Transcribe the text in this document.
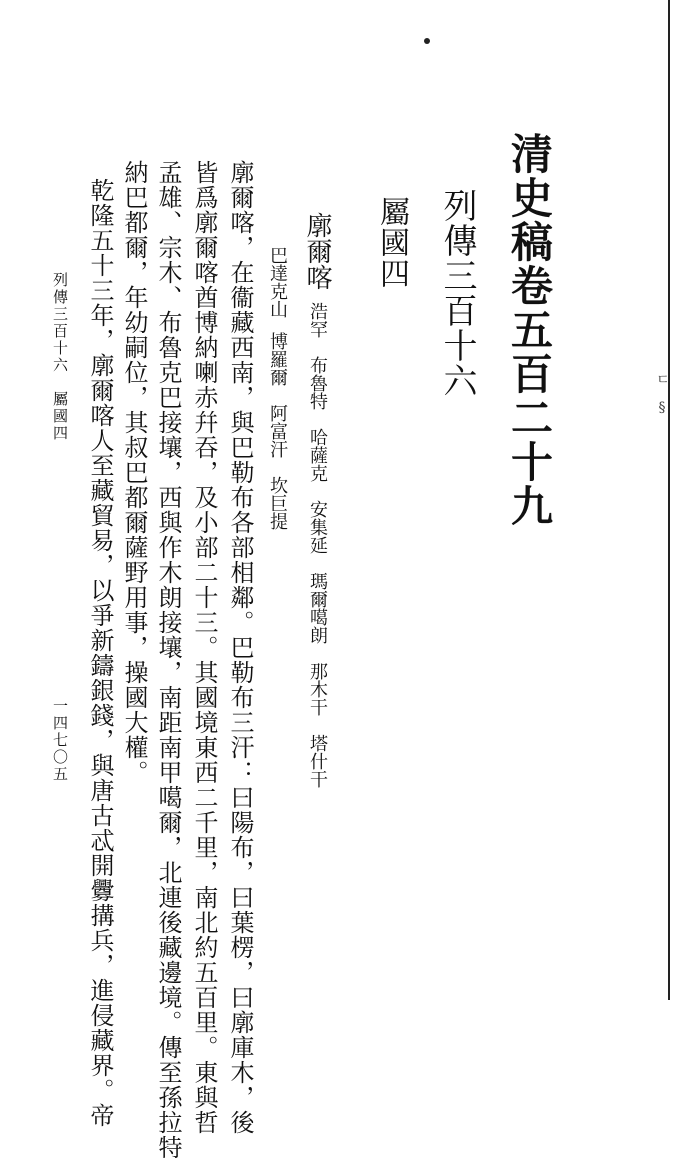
ㄷ　§
清史稿卷五百二十九
列傳三百十六
屬國四
廓爾喀浩罕　布魯特　哈薩克　安集延　瑪爾噶朗　那木干　塔什干
巴達克山博羅爾　阿富汗　坎巨提
廓爾喀，在衞藏西南，與巴勒布各部相鄰。巴勒布三汗：曰陽布，曰葉楞，曰廓庫木，後
皆爲廓爾喀酋博納喇赤幷吞，及小部二十三。其國境東西二千里，南北約五百里。東與哲
孟雄、宗木、布魯克巴接壤，西與作木朗接壤，南距南甲噶爾，北連後藏邊境。傳至孫拉特
納巴都爾，年幼嗣位，其叔巴都爾薩野用事，操國大權。
乾隆五十三年，廓爾喀人至藏貿易，以爭新鑄銀錢，與唐古忒開釁搆兵，進侵藏界。帝
列傳三百十六　屬國四
一四七〇五
